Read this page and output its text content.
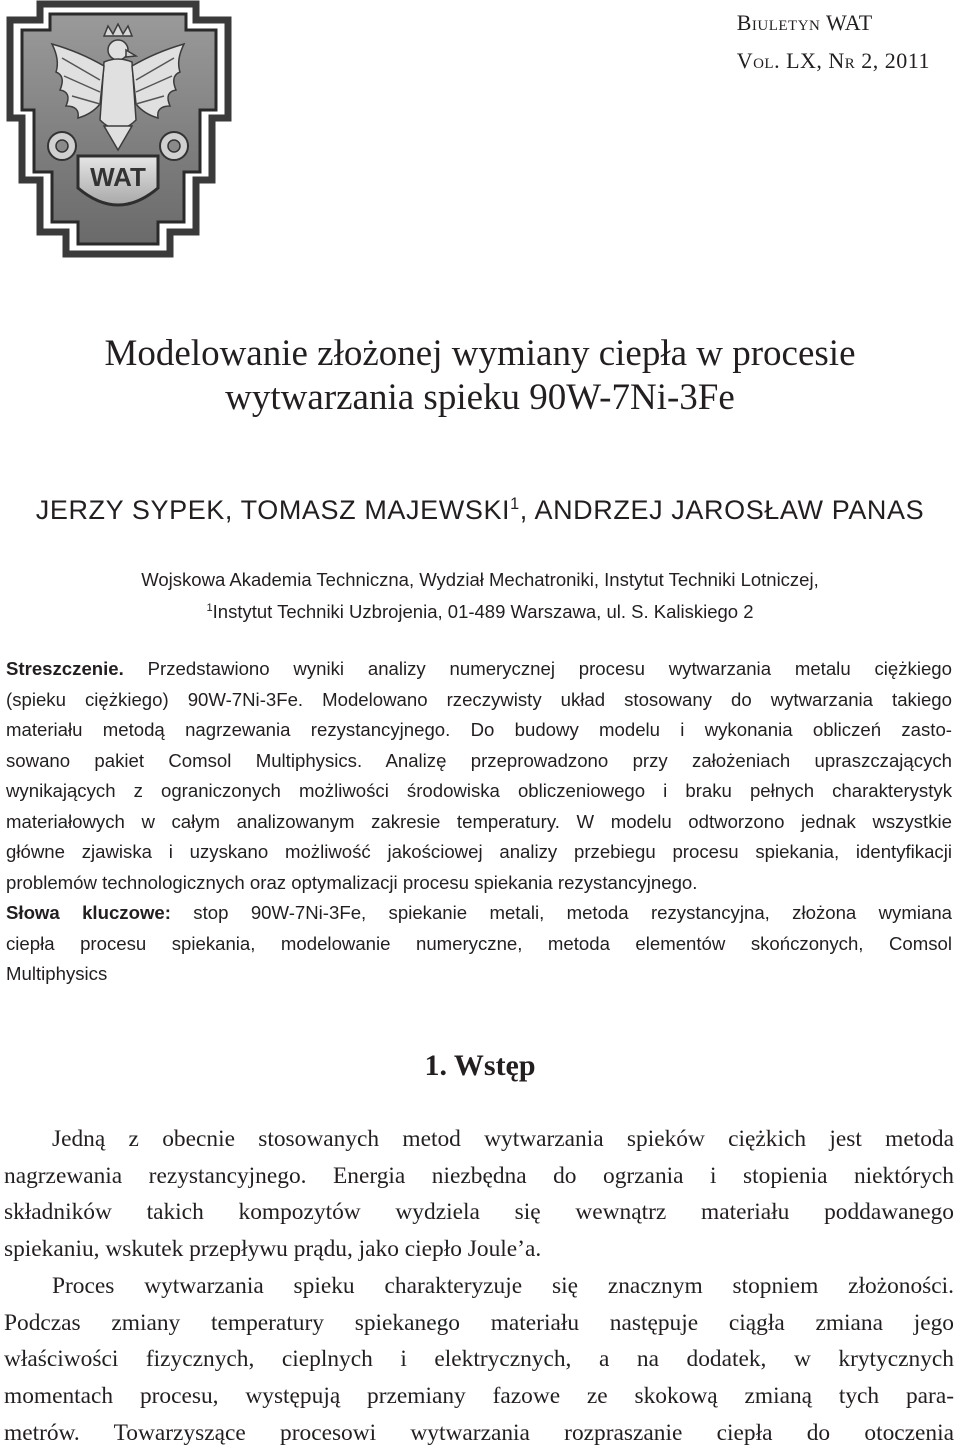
WAT
Biuletyn WAT
Vol. LX, Nr 2, 2011
Modelowanie złożonej wymiany ciepła w procesie
wytwarzania spieku 90W-7Ni-3Fe
JERZY SYPEK, TOMASZ MAJEWSKI$^1$, ANDRZEJ JAROSŁAW PANAS
Wojskowa Akademia Techniczna, Wydział Mechatroniki, Instytut Techniki Lotniczej,
$^1$Instytut Techniki Uzbrojenia, 01-489 Warszawa, ul. S. Kaliskiego 2
Streszczenie. Przedstawiono wyniki analizy numerycznej procesu wytwarzania metalu ciężkiego
(spieku ciężkiego) 90W-7Ni-3Fe. Modelowano rzeczywisty układ stosowany do wytwarzania takiego
materiału metodą nagrzewania rezystancyjnego. Do budowy modelu i wykonania obliczeń zasto-
sowano pakiet Comsol Multiphysics. Analizę przeprowadzono przy założeniach upraszczających
wynikających z ograniczonych możliwości środowiska obliczeniowego i braku pełnych charakterystyk
materiałowych w całym analizowanym zakresie temperatury. W modelu odtworzono jednak wszystkie
główne zjawiska i uzyskano możliwość jakościowej analizy przebiegu procesu spiekania, identyfikacji
problemów technologicznych oraz optymalizacji procesu spiekania rezystancyjnego.
Słowa kluczowe: stop 90W-7Ni-3Fe, spiekanie metali, metoda rezystancyjna, złożona wymiana
ciepła procesu spiekania, modelowanie numeryczne, metoda elementów skończonych, Comsol
Multiphysics
1. Wstęp
Jedną z obecnie stosowanych metod wytwarzania spieków ciężkich jest metoda
nagrzewania rezystancyjnego. Energia niezbędna do ogrzania i stopienia niektórych
składników takich kompozytów wydziela się wewnątrz materiału poddawanego
spiekaniu, wskutek przepływu prądu, jako ciepło Joule’a.
Proces wytwarzania spieku charakteryzuje się znacznym stopniem złożoności.
Podczas zmiany temperatury spiekanego materiału następuje ciągła zmiana jego
właściwości fizycznych, cieplnych i elektrycznych, a na dodatek, w krytycznych
momentach procesu, występują przemiany fazowe ze skokową zmianą tych para-
metrów. Towarzyszące procesowi wytwarzania rozpraszanie ciepła do otoczenia
